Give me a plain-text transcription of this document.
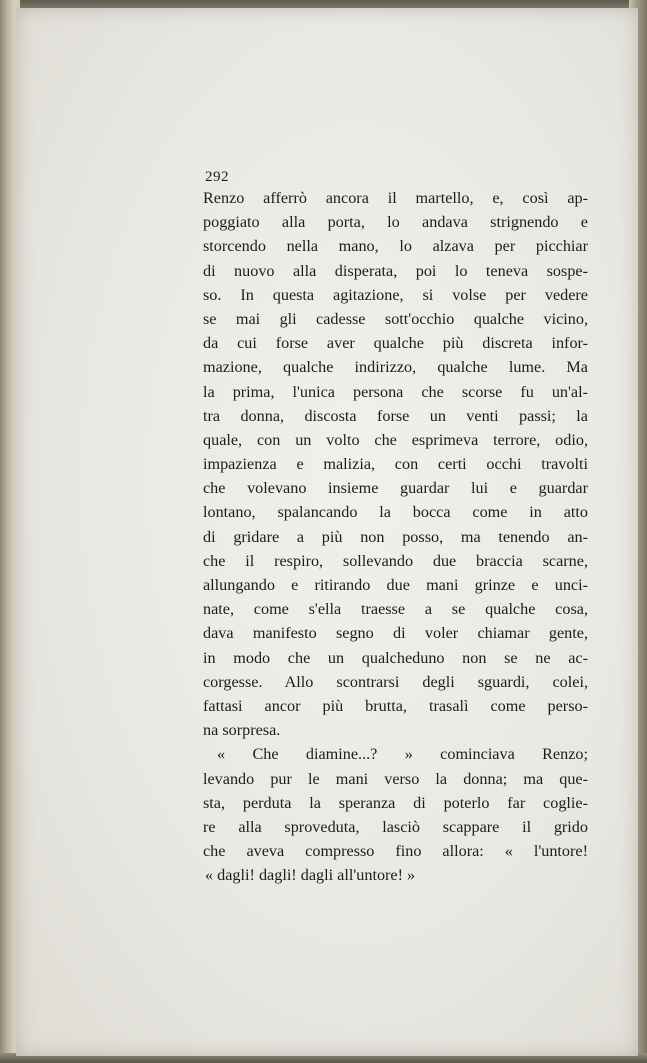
292
Renzo afferrò ancora il martello, e, così ap-
poggiato alla porta, lo andava strignendo e
storcendo nella mano, lo alzava per picchiar
di nuovo alla disperata, poi lo teneva sospe-
so. In questa agitazione, si volse per vedere
se mai gli cadesse sott'occhio qualche vicino,
da cui forse aver qualche più discreta infor-
mazione, qualche indirizzo, qualche lume. Ma
la prima, l'unica persona che scorse fu un'al-
tra donna, discosta forse un venti passi; la
quale, con un volto che esprimeva terrore, odio,
impazienza e malizia, con certi occhi travolti
che volevano insieme guardar lui e guardar
lontano, spalancando la bocca come in atto
di gridare a più non posso, ma tenendo an-
che il respiro, sollevando due braccia scarne,
allungando e ritirando due mani grinze e unci-
nate, come s'ella traesse a se qualche cosa,
dava manifesto segno di voler chiamar gente,
in modo che un qualcheduno non se ne ac-
corgesse. Allo scontrarsi degli sguardi, colei,
fattasi ancor più brutta, trasalì come perso-
na sorpresa.
« Che diamine...? » cominciava Renzo;
levando pur le mani verso la donna; ma que-
sta, perduta la speranza di poterlo far coglie-
re alla sproveduta, lasciò scappare il grido
che aveva compresso fino allora: « l'untore!
« dagli! dagli! dagli all'untore! »
